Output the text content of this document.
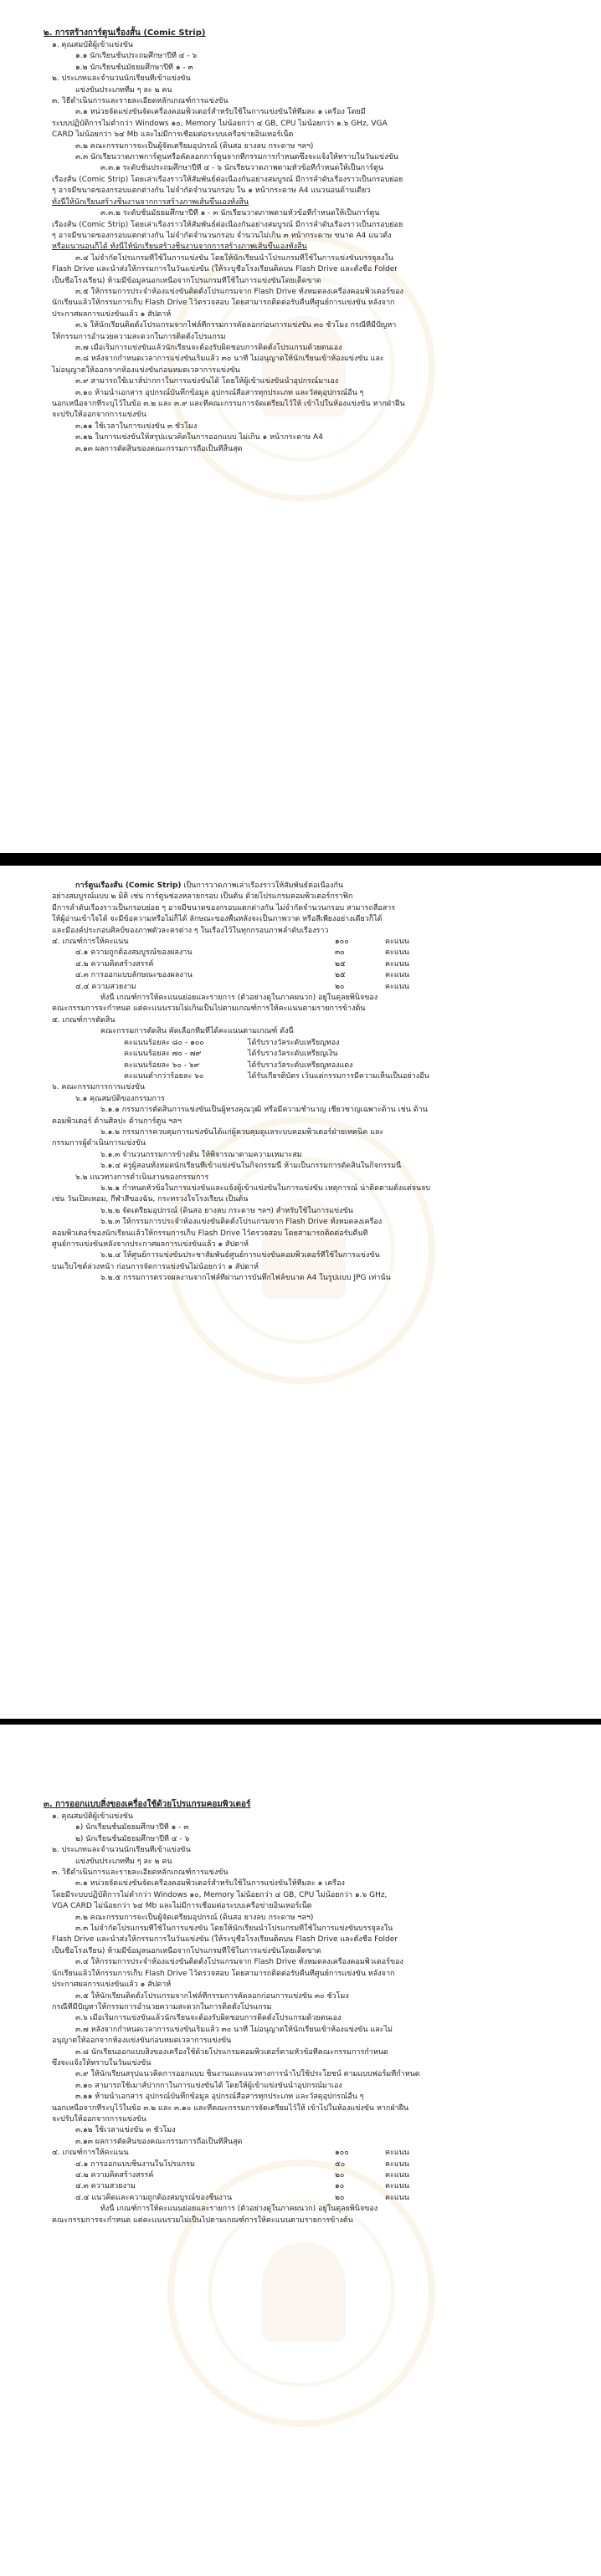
๒. การสร้างการ์ตูนเรื่องสั้น (Comic Strip)
๑. คุณสมบัติผู้เข้าแข่งขัน
๑.๑ นักเรียนชั้นประถมศึกษาปีที่ ๔ - ๖
๑.๒ นักเรียนชั้นมัธยมศึกษาปีที่ ๑ - ๓
๒. ประเภทและจำนวนนักเรียนที่เข้าแข่งขัน
แข่งขันประเภททีม ๆ ละ ๒ คน
๓. วิธีดำเนินการและรายละเอียดหลักเกณฑ์การแข่งขัน
๓.๑ หน่วยจัดแข่งขันจัดเครื่องคอมพิวเตอร์สำหรับใช้ในการแข่งขันให้ทีมละ ๑ เครื่อง โดยมี
ระบบปฏิบัติการไม่ต่ำกว่า Windows ๑๐, Memory ไม่น้อยกว่า ๔ GB, CPU ไม่น้อยกว่า ๑.๖ GHz, VGA
CARD ไม่น้อยกว่า ๖๔ Mb และไม่มีการเชื่อมต่อระบบเครือข่ายอินเทอร์เน็ต
๓.๒ คณะกรรมการจะเป็นผู้จัดเตรียมอุปกรณ์ (ดินสอ ยางลบ กระดาษ ฯลฯ)
๓.๓ นักเรียนวาดภาพการ์ตูนหรือคัดลอกการ์ตูนจากที่กรรมการกำหนดซึ่งจะแจ้งให้ทราบในวันแข่งขัน
๓.๓.๑ ระดับชั้นประถมศึกษาปีที่ ๔ - ๖ นักเรียนวาดภาพตามหัวข้อที่กำหนดให้เป็นการ์ตูน
เรื่องสั้น (Comic Strip) โดยเล่าเรื่องราวให้สัมพันธ์ต่อเนื่องกันอย่างสมบูรณ์ มีการลำดับเรื่องราวเป็นกรอบย่อย
ๆ อาจมีขนาดของกรอบแตกต่างกัน ไม่จำกัดจำนวนกรอบ ใน ๑ หน้ากระดาษ A4 แนวนอนด้านเดียว
ทั้งนี้ให้นักเรียนสร้างชิ้นงานจากการสร้างภาพเส้นขึ้นเองทั้งสิ้น
๓.๓.๒ ระดับชั้นมัธยมศึกษาปีที่ ๑ - ๓ นักเรียนวาดภาพตามหัวข้อที่กำหนดให้เป็นการ์ตูน
เรื่องสั้น (Comic Strip) โดยเล่าเรื่องราวให้สัมพันธ์ต่อเนื่องกันอย่างสมบูรณ์ มีการลำดับเรื่องราวเป็นกรอบย่อย
ๆ อาจมีขนาดของกรอบแตกต่างกัน ไม่จำกัดจำนวนกรอบ จำนวนไม่เกิน ๓ หน้ากระดาษ ขนาด A4 แนวตั้ง
หรือแนวนอนก็ได้ ทั้งนี้ให้นักเรียนสร้างชิ้นงานจากการสร้างภาพเส้นขึ้นเองทั้งสิ้น
๓.๔ ไม่จำกัดโปรแกรมที่ใช้ในการแข่งขัน โดยให้นักเรียนนำโปรแกรมที่ใช้ในการแข่งขันบรรจุลงใน
Flash Drive และนำส่งให้กรรมการในวันแข่งขัน (ให้ระบุชื่อโรงเรียนติดบน Flash Drive และตั้งชื่อ Folder
เป็นชื่อโรงเรียน) ห้ามมีข้อมูลนอกเหนือจากโปรแกรมที่ใช้ในการแข่งขันโดยเด็ดขาด
๓.๕ ให้กรรมการประจำห้องแข่งขันติดตั้งโปรแกรมจาก Flash Drive ทั้งหมดลงเครื่องคอมพิวเตอร์ของ
นักเรียนแล้วให้กรรมการเก็บ Flash Drive ไว้ตรวจสอบ โดยสามารถติดต่อรับคืนที่ศูนย์การแข่งขัน หลังจาก
ประกาศผลการแข่งขันแล้ว ๑ สัปดาห์
๓.๖ ให้นักเรียนติดตั้งโปรแกรมจากไฟล์ที่กรรมการคัดลอกก่อนการแข่งขัน ๓๐ ชั่วโมง กรณีที่มีปัญหา
ให้กรรมการอำนวยความสะดวกในการติดตั้งโปรแกรม
๓.๗ เมื่อเริ่มการแข่งขันแล้วนักเรียนจะต้องรับผิดชอบการติดตั้งโปรแกรมด้วยตนเอง
๓.๘ หลังจากกำหนดเวลาการแข่งขันเริ่มแล้ว ๓๐ นาที ไม่อนุญาตให้นักเรียนเข้าห้องแข่งขัน และ
ไม่อนุญาตให้ออกจากห้องแข่งขันก่อนหมดเวลาการแข่งขัน
๓.๙ สามารถใช้เมาส์ปากกาในการแข่งขันได้ โดยให้ผู้เข้าแข่งขันนำอุปกรณ์มาเอง
๓.๑๐ ห้ามนำเอกสาร อุปกรณ์บันทึกข้อมูล อุปกรณ์สื่อสารทุกประเภท และวัสดุอุปกรณ์อื่น ๆ
นอกเหนือจากที่ระบุไว้ในข้อ ๓.๒ และ ๓.๙ และที่คณะกรรมการจัดเตรียมไว้ให้ เข้าไปในห้องแข่งขัน หากฝ่าฝืน
จะปรับให้ออกจากการแข่งขัน
๓.๑๑ ใช้เวลาในการแข่งขัน ๓ ชั่วโมง
๓.๑๒ ในการแข่งขันให้สรุปแนวคิดในการออกแบบ ไม่เกิน ๑ หน้ากระดาษ A4
๓.๑๓ ผลการตัดสินของคณะกรรมการถือเป็นที่สิ้นสุด
การ์ตูนเรื่องสั้น (Comic Strip) เป็นการวาดภาพเล่าเรื่องราวให้สัมพันธ์ต่อเนื่องกัน
อย่างสมบูรณ์แบบ ๒ มิติ เช่น การ์ตูนช่องหลายกรอบ เป็นต้น ด้วยโปรแกรมคอมพิวเตอร์กราฟิก
มีการลำดับเรื่องราวเป็นกรอบย่อย ๆ อาจมีขนาดของกรอบแตกต่างกัน ไม่จำกัดจำนวนกรอบ สามารถสื่อสาร
ให้ผู้อ่านเข้าใจได้ จะมีข้อความหรือไม่ก็ได้ ลักษณะของพื้นหลังจะเป็นภาพวาด หรือสีเพียงอย่างเดียวก็ได้
และมีองค์ประกอบศิลป์ของภาพตัวละครต่าง ๆ ในเรื่องไว้ในทุกกรอบภาพลำดับเรื่องราว
๔. เกณฑ์การให้คะแนน	๑๐๐	คะแนน
๔.๑ ความถูกต้องสมบูรณ์ของผลงาน	๓๐	คะแนน
๔.๒ ความคิดสร้างสรรค์	๒๕	คะแนน
๔.๓ การออกแบบลักษณะของผลงาน	๒๕	คะแนน
๔.๔ ความสวยงาม	๒๐	คะแนน
ทั้งนี้ เกณฑ์การให้คะแนนย่อยและรายการ (ตัวอย่างดูในภาคผนวก) อยู่ในดุลยพินิจของ
คณะกรรมการจะกำหนด แต่คะแนนรวมไม่เกินเป็นไปตามเกณฑ์การให้คะแนนตามรายการข้างต้น
๕. เกณฑ์การตัดสิน
คณะกรรมการตัดสิน คัดเลือกทีมที่ได้คะแนนตามเกณฑ์ ดังนี้
คะแนนร้อยละ ๘๐ - ๑๐๐	ได้รับรางวัลระดับเหรียญทอง
คะแนนร้อยละ ๗๐ - ๗๙	ได้รับรางวัลระดับเหรียญเงิน
คะแนนร้อยละ ๖๐ - ๖๙	ได้รับรางวัลระดับเหรียญทองแดง
คะแนนต่ำกว่าร้อยละ ๖๐	ได้รับเกียรติบัตร เว้นแต่กรรมการมีความเห็นเป็นอย่างอื่น
๖. คณะกรรมการการแข่งขัน
๖.๑ คุณสมบัติของกรรมการ
๖.๑.๑ กรรมการตัดสินการแข่งขันเป็นผู้ทรงคุณวุฒิ หรือมีความชำนาญ เชี่ยวชาญเฉพาะด้าน เช่น ด้าน
คอมพิวเตอร์ ด้านศิลปะ ด้านการ์ตูน ฯลฯ
๖.๑.๒ กรรมการควบคุมการแข่งขันได้แก่ผู้ควบคุมดูแลระบบคอมพิวเตอร์ฝ่ายเทคนิค และ
กรรมการผู้ดำเนินการแข่งขัน
๖.๑.๓ จำนวนกรรมการข้างต้น ให้พิจารณาตามความเหมาะสม
๖.๑.๔ ครูผู้สอนทั้งหมดนักเรียนที่เข้าแข่งขันในกิจกรรมนี้ ห้ามเป็นกรรมการตัดสินในกิจกรรมนี้
๖.๒ แนวทางการดำเนินงานของกรรมการ
๖.๒.๑ กำหนดหัวข้อในการแข่งขันและแจ้งผู้เข้าแข่งขันในการแข่งขัน เหตุการณ์ น่าติดตามตั้งแต่จนจบ
เช่น วันเปิดเทอม, กีฬาสีของฉัน, กระทรวงใจโรงเรียน เป็นต้น
๖.๒.๒ จัดเตรียมอุปกรณ์ (ดินสอ ยางลบ กระดาษ ฯลฯ) สำหรับใช้ในการแข่งขัน
๖.๒.๓ ให้กรรมการประจำห้องแข่งขันติดตั้งโปรแกรมจาก Flash Drive ทั้งหมดลงเครื่อง
คอมพิวเตอร์ของนักเรียนแล้วให้กรรมการเก็บ Flash Drive ไว้ตรวจสอบ โดยสามารถติดต่อรับคืนที่
ศูนย์การแข่งขันหลังจากประกาศผลการแข่งขันแล้ว ๑ สัปดาห์
๖.๒.๔ ให้ศูนย์การแข่งขันประชาสัมพันธ์ศูนย์การแข่งขันคอมพิวเตอร์ที่ใช้ในการแข่งขัน
บนเว็บไซต์ล่วงหน้า ก่อนการจัดการแข่งขันไม่น้อยกว่า ๑ สัปดาห์
๖.๒.๕ กรรมการตรวจผลงานจากไฟล์ที่ผ่านการบันทึกไฟล์ขนาด A4 ในรูปแบบ JPG เท่านั้น
๓. การออกแบบสิ่งของเครื่องใช้ด้วยโปรแกรมคอมพิวเตอร์
๑. คุณสมบัติผู้เข้าแข่งขัน
๑) นักเรียนชั้นมัธยมศึกษาปีที่ ๑ - ๓
๒) นักเรียนชั้นมัธยมศึกษาปีที่ ๔ - ๖
๒. ประเภทและจำนวนนักเรียนที่เข้าแข่งขัน
แข่งขันประเภททีม ๆ ละ ๒ คน
๓. วิธีดำเนินการและรายละเอียดหลักเกณฑ์การแข่งขัน
๓.๑ หน่วยจัดแข่งขันจัดเครื่องคอมพิวเตอร์สำหรับใช้ในการแข่งขันให้ทีมละ ๑ เครื่อง
โดยมีระบบปฏิบัติการไม่ต่ำกว่า Windows ๑๐, Memory ไม่น้อยกว่า ๔ GB, CPU ไม่น้อยกว่า ๑.๖ GHz,
VGA CARD ไม่น้อยกว่า ๖๔ Mb และไม่มีการเชื่อมต่อระบบเครือข่ายอินเทอร์เน็ต
๓.๒ คณะกรรมการจะเป็นผู้จัดเตรียมอุปกรณ์ (ดินสอ ยางลบ กระดาษ ฯลฯ)
๓.๓ ไม่จำกัดโปรแกรมที่ใช้ในการแข่งขัน โดยให้นักเรียนนำโปรแกรมที่ใช้ในการแข่งขันบรรจุลงใน
Flash Drive และนำส่งให้กรรมการในวันแข่งขัน (ให้ระบุชื่อโรงเรียนติดบน Flash Drive และตั้งชื่อ Folder
เป็นชื่อโรงเรียน) ห้ามมีข้อมูลนอกเหนือจากโปรแกรมที่ใช้ในการแข่งขันโดยเด็ดขาด
๓.๔ ให้กรรมการประจำห้องแข่งขันติดตั้งโปรแกรมจาก Flash Drive ทั้งหมดลงเครื่องคอมพิวเตอร์ของ
นักเรียนแล้วให้กรรมการเก็บ Flash Drive ไว้ตรวจสอบ โดยสามารถติดต่อรับคืนที่ศูนย์การแข่งขัน หลังจาก
ประกาศผลการแข่งขันแล้ว ๑ สัปดาห์
๓.๕ ให้นักเรียนติดตั้งโปรแกรมจากไฟล์ที่กรรมการคัดลอกก่อนการแข่งขัน ๓๐ ชั่วโมง
กรณีที่มีปัญหาให้กรรมการอำนวยความสะดวกในการติดตั้งโปรแกรม
๓.๖ เมื่อเริ่มการแข่งขันแล้วนักเรียนจะต้องรับผิดชอบการติดตั้งโปรแกรมด้วยตนเอง
๓.๗ หลังจากกำหนดเวลาการแข่งขันเริ่มแล้ว ๓๐ นาที ไม่อนุญาตให้นักเรียนเข้าห้องแข่งขัน และไม่
อนุญาตให้ออกจากห้องแข่งขันก่อนหมดเวลาการแข่งขัน
๓.๘ นักเรียนออกแบบสิ่งของเครื่องใช้ด้วยโปรแกรมคอมพิวเตอร์ตามหัวข้อที่คณะกรรมการกำหนด
ซึ่งจะแจ้งให้ทราบในวันแข่งขัน
๓.๙ ให้นักเรียนสรุปแนวคิดการออกแบบ ชิ้นงานและแนวทางการนำไปใช้ประโยชน์ ตามแบบฟอร์มที่กำหนด
๓.๑๐ สามารถใช้เมาส์ปากกาในการแข่งขันได้ โดยให้ผู้เข้าแข่งขันนำอุปกรณ์มาเอง
๓.๑๑ ห้ามนำเอกสาร อุปกรณ์บันทึกข้อมูล อุปกรณ์สื่อสารทุกประเภท และวัสดุอุปกรณ์อื่น ๆ
นอกเหนือจากที่ระบุไว้ในข้อ ๓.๒ และ ๓.๑๐ และที่คณะกรรมการจัดเตรียมไว้ให้ เข้าไปในห้องแข่งขัน หากฝ่าฝืน
จะปรับให้ออกจากการแข่งขัน
๓.๑๒ ใช้เวลาแข่งขัน ๓ ชั่วโมง
๓.๑๓ ผลการตัดสินของคณะกรรมการถือเป็นที่สิ้นสุด
๔. เกณฑ์การให้คะแนน	๑๐๐	คะแนน
๔.๑ การออกแบบชิ้นงานในโปรแกรม	๕๐	คะแนน
๔.๒ ความคิดสร้างสรรค์	๒๐	คะแนน
๔.๓ ความสวยงาม	๑๐	คะแนน
๔.๔ แนวคิดและความถูกต้องสมบูรณ์ของชิ้นงาน	๒๐	คะแนน
ทั้งนี้ เกณฑ์การให้คะแนนย่อยและรายการ (ตัวอย่างดูในภาคผนวก) อยู่ในดุลยพินิจของ
คณะกรรมการจะกำหนด แต่คะแนนรวมไม่เป็นไปตามเกณฑ์การให้คะแนนตามรายการข้างต้น
